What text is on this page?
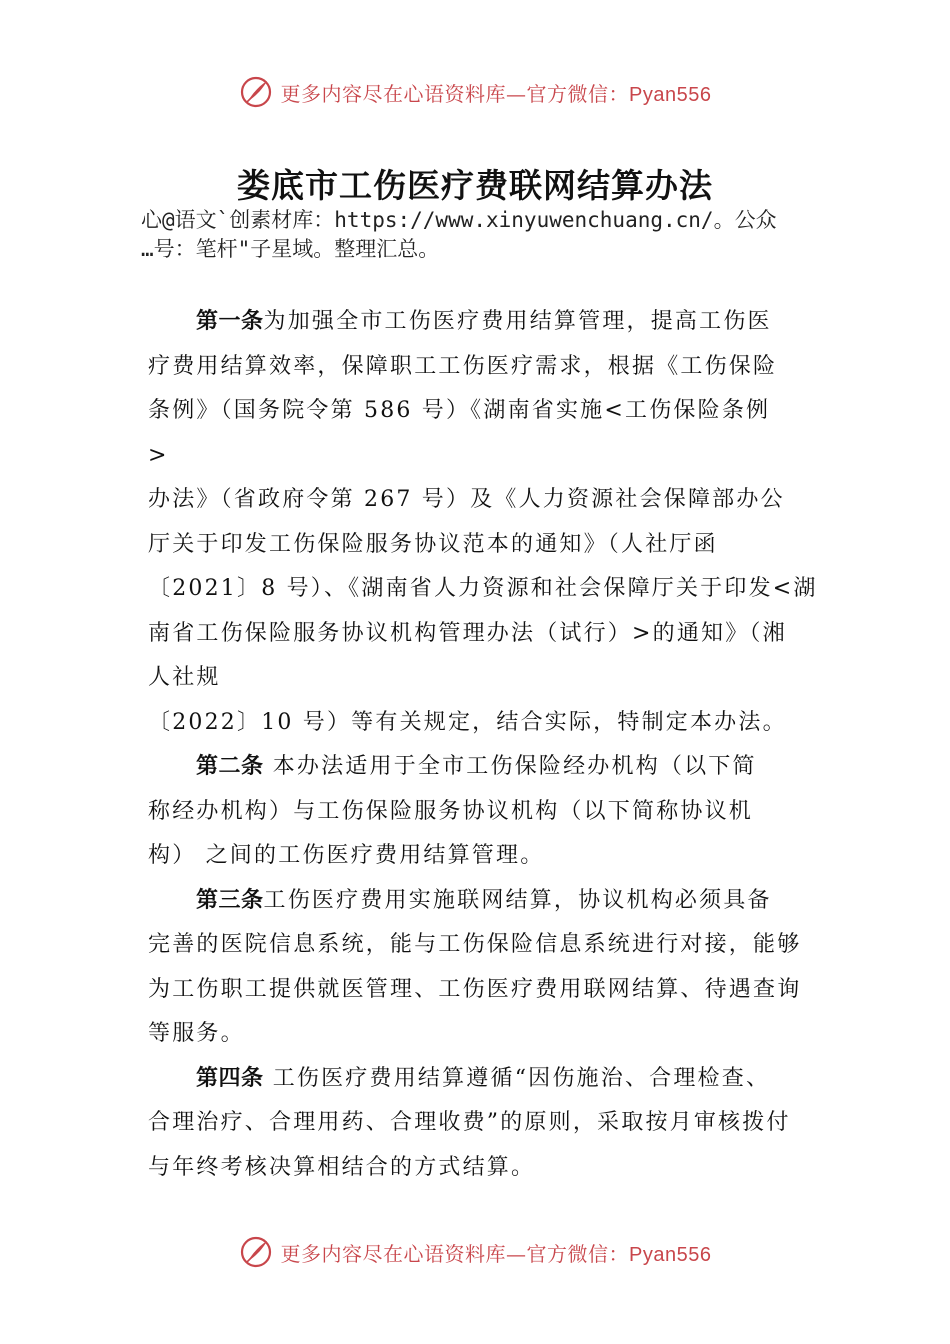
更多内容尽在心语资料库—官方微信：Pyan556
娄底市工伤医疗费联网结算办法
心@语文`创素材库：https://www.xinyuwenchuang.cn/。公众
…号：笔杆"子星域。整理汇总。
第一条为加强全市工伤医疗费用结算管理，提高工伤医
疗费用结算效率，保障职工工伤医疗需求，根据《工伤保险
条例》（国务院令第 586 号）《湖南省实施<工伤保险条例
>
办法》（省政府令第 267 号）及《人力资源社会保障部办公
厅关于印发工伤保险服务协议范本的通知》（人社厅函
〔2021〕8 号）、《湖南省人力资源和社会保障厅关于印发<湖
南省工伤保险服务协议机构管理办法（试行）>的通知》（湘
人社规
〔2022〕10 号）等有关规定，结合实际，特制定本办法。
第二条 本办法适用于全市工伤保险经办机构（以下简
称经办机构）与工伤保险服务协议机构（以下简称协议机
构） 之间的工伤医疗费用结算管理。
第三条工伤医疗费用实施联网结算，协议机构必须具备
完善的医院信息系统，能与工伤保险信息系统进行对接，能够
为工伤职工提供就医管理、工伤医疗费用联网结算、待遇查询
等服务。
第四条 工伤医疗费用结算遵循“因伤施治、合理检查、
合理治疗、合理用药、合理收费”的原则，采取按月审核拨付
与年终考核决算相结合的方式结算。
更多内容尽在心语资料库—官方微信：Pyan556
